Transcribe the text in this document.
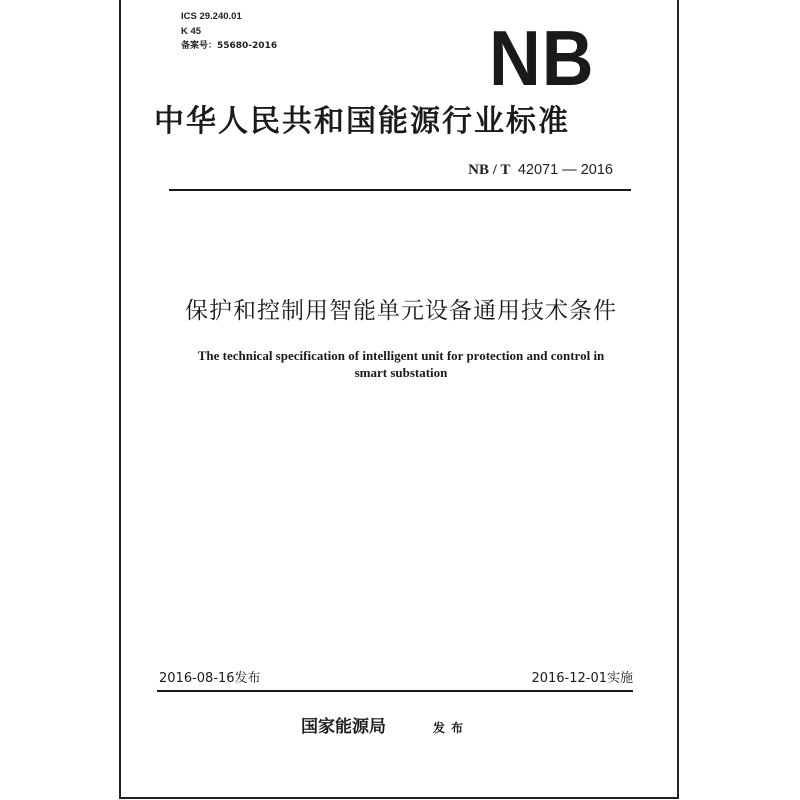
ICS 29.240.01
K 45
备案号：55680-2016	NB
中华人民共和国能源行业标准
NB / T 42071 — 2016
保护和控制用智能单元设备通用技术条件
The technical specification of intelligent unit for protection and control in
smart substation
2016-08-16发布	2016-12-01实施
国家能源局	发布
